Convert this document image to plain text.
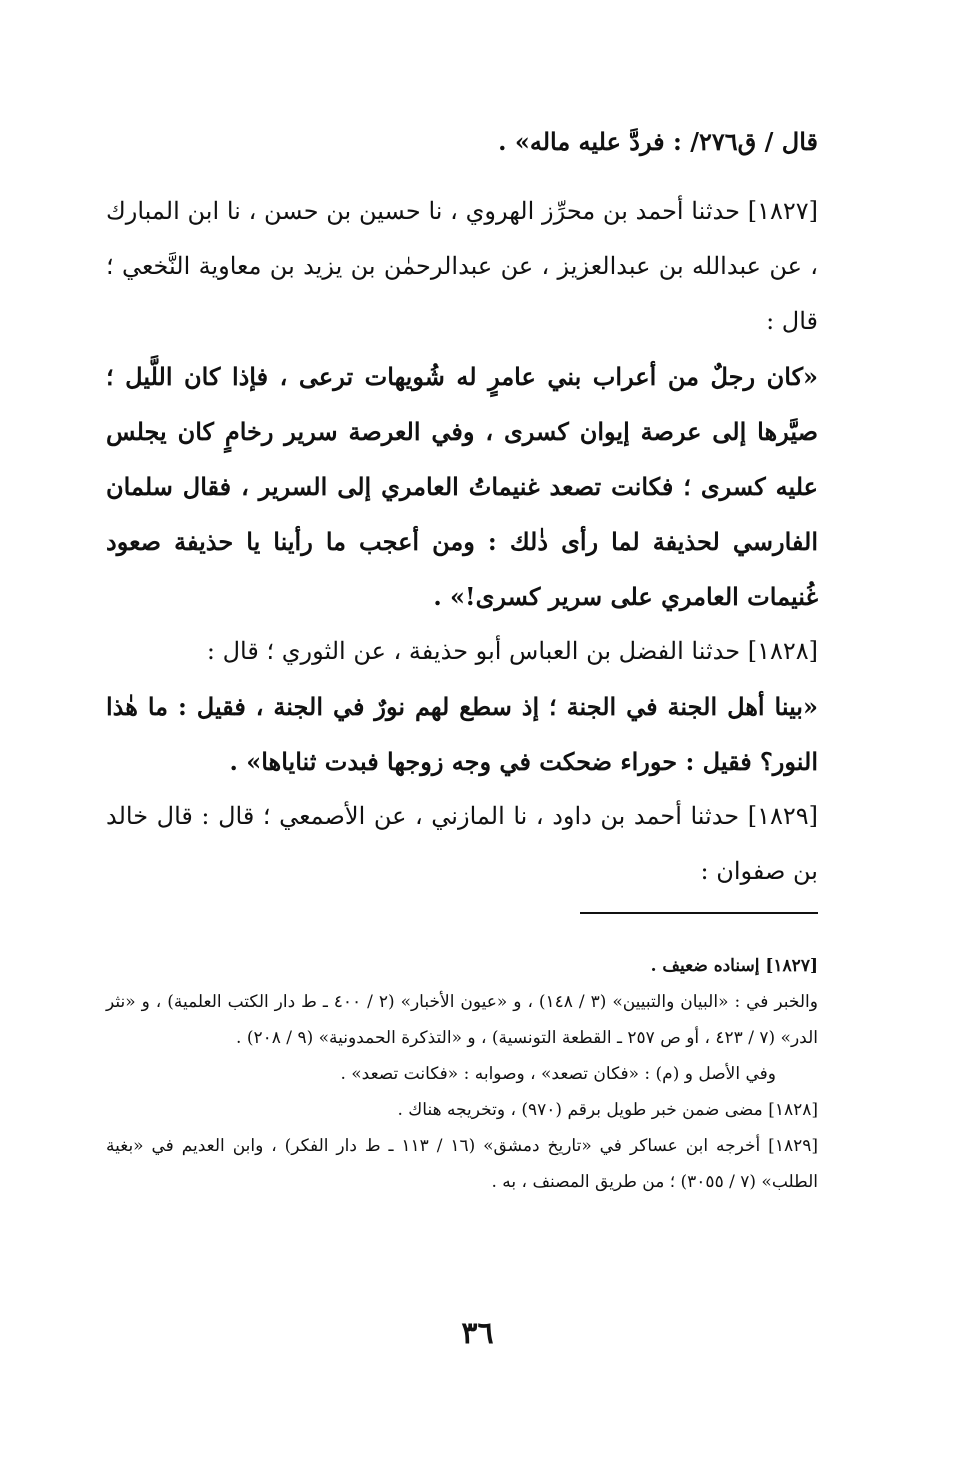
قال / ق٢٧٦/ : فردَّ عليه ماله» .

[١٨٢٧] حدثنا أحمد بن محرِّز الهروي ، نا حسين بن حسن ، نا ابن المبارك ، عن عبدالله بن عبدالعزيز ، عن عبدالرحمٰن بن يزيد بن معاوية النَّخعي ؛ قال :

«كان رجلٌ من أعراب بني عامرٍ له شُويهات ترعى ، فإذا كان اللَّيل ؛ صيَّرها إلى عرصة إيوان كسرى ، وفي العرصة سرير رخامٍ كان يجلس عليه كسرى ؛ فكانت تصعد غنيماتُ العامري إلى السرير ، فقال سلمان الفارسي لحذيفة لما رأى ذٰلك : ومن أعجب ما رأينا يا حذيفة صعود غُنيمات العامري على سرير كسرى!» .

[١٨٢٨] حدثنا الفضل بن العباس أبو حذيفة ، عن الثوري ؛ قال :

«بينا أهل الجنة في الجنة ؛ إذ سطع لهم نورٌ في الجنة ، فقيل : ما هٰذا النور؟ فقيل : حوراء ضحكت في وجه زوجها فبدت ثناياها» .

[١٨٢٩] حدثنا أحمد بن داود ، نا المازني ، عن الأصمعي ؛ قال : قال خالد بن صفوان :

[١٨٢٧] إسناده ضعيف .

والخبر في : «البيان والتبيين» (٣ / ١٤٨) ، و «عيون الأخبار» (٢ / ٤٠٠ ـ ط دار الكتب العلمية) ، و «نثر الدر» (٧ / ٤٢٣ ، أو ص ٢٥٧ ـ القطعة التونسية) ، و «التذكرة الحمدونية» (٩ / ٢٠٨) .

وفي الأصل و (م) : «فكان تصعد» ، وصوابه : «فكانت تصعد» .

[١٨٢٨] مضى ضمن خبر طويل برقم (٩٧٠) ، وتخريجه هناك .

[١٨٢٩] أخرجه ابن عساكر في «تاريخ دمشق» (١٦ / ١١٣ ـ ط دار الفكر) ، وابن العديم في «بغية الطلب» (٧ / ٣٠٥٥) ؛ من طريق المصنف ، به .

٣٦
